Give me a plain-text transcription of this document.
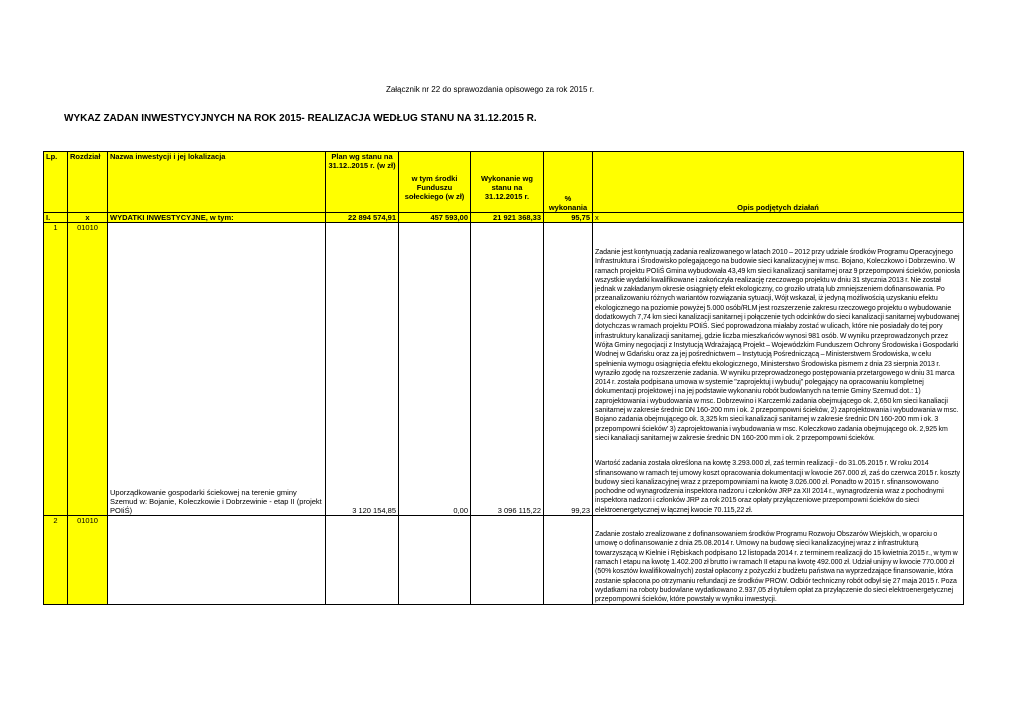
Załącznik nr 22 do sprawozdania opisowego za rok 2015 r.
WYKAZ ZADAN INWESTYCYJNYCH NA ROK 2015- REALIZACJA WEDŁUG STANU NA 31.12.2015 R.
Lp.	Rozdział	Nazwa inwestycji i jej lokalizacja	Plan wg stanu na 31.12..2015 r. (w zł)	w tym środki Funduszu sołeckiego (w zł)	Wykonanie wg stanu na 31.12.2015 r.	% wykonania	Opis podjętych działań
I.	x	WYDATKI INWESTYCYJNE, w tym:	22 894 574,91	457 593,00	21 921 368,33	95,75	x
1	01010	Uporządkowanie gospodarki ściekowej na terenie gminy Szemud w: Bojanie, Koleczkowie i Dobrzewinie - etap II (projekt POIiŚ)	3 120 154,85	0,00	3 096 115,22	99,23	Zadanie jest kontynuacją zadania realizowanego w latach 2010 – 2012 przy udziale środków Programu Operacyjnego Infrastruktura i Środowisko polegającego na budowie sieci kanalizacyjnej w msc. Bojano, Koleczkowo i Dobrzewino. W ramach projektu POIiŚ Gmina wybudowała 43,49 km sieci kanalizacji sanitarnej oraz 9 przepompowni ścieków, poniosła wszystkie wydatki kwalifikowane i zakończyła realizację rzeczowego projektu w dniu 31 stycznia 2013 r. Nie został jednak w zakładanym okresie osiągnięty efekt ekologiczny, co groziło utratą lub zmniejszeniem dofinansowania. Po przeanalizowaniu różnych wariantów rozwiązania sytuacji, Wójt wskazał, iż jedyną możliwością uzyskaniu efektu ekologicznego na poziomie powyżej 5.000 osób/RLM jest rozszerzenie zakresu rzeczowego projektu o wybudowanie dodatkowych 7,74 km sieci kanalizacji sanitarnej i połączenie tych odcinków do sieci kanalizacji sanitarnej wybudowanej dotychczas w ramach projektu POIiŚ. Sieć poprowadzona miałaby zostać w ulicach, które nie posiadały do tej pory infrastruktury kanalizacji sanitarnej, gdzie liczba mieszkańców wynosi 981 osób. W wyniku przeprowadzonych przez Wójta Gminy negocjacji z Instytucją Wdrażającą Projekt – Wojewódzkim Funduszem Ochrony Środowiska i Gospodarki Wodnej w Gdańsku oraz za jej pośrednictwem – Instytucją Pośredniczącą – Ministerstwem Środowiska, w celu spełnienia wymogu osiągnięcia efektu ekologicznego, Ministerstwo Środowiska pismem z dnia 23 sierpnia 2013 r. wyraziło zgodę na rozszerzenie zadania. W wyniku przeprowadzonego postępowania przetargowego w dniu 31 marca 2014 r. została podpisana umowa w systemie "zaprojektuj i wybuduj" polegający na opracowaniu kompletnej dokumentacji projektowej i na jej podstawie wykonaniu robót budowlanych na ternie Gminy Szemud dot.: 1) zaprojektowania i wybudowania w msc. Dobrzewino i Karczemki zadania obejmującego ok. 2,650 km sieci kanaliacji sanitarnej w zakresie średnic DN 160-200 mm i ok. 2 przepompowni ścieków, 2) zaprojektowania i wybudowania w msc. Bojano zadania obejmującego ok. 3,325 km sieci kanalizacji sanitarnej w zakresie średnic DN 160-200 mm i ok. 3 przepompowni ścieków' 3) zaprojektowania i wybudowania w msc. Koleczkowo zadania obejmującego ok. 2,925 km sieci kanaliacji sanitarnej w zakresie średnic DN 160-200 mm i ok. 2 przepompowni ścieków.
Wartość zadania została określona na kowtę 3.293.000 zł, zaś termin realizacji - do 31.05.2015 r. W roku 2014 sfinansowano w ramach tej umowy koszt opracowania dokumentacji w kwocie 267.000 zł, zaś do czerwca 2015 r. koszty budowy sieci kanalizacyjnej wraz z przepompowniami na kwotę 3.026.000 zł. Ponadto w 2015 r. sfinansowowano pochodne od wynagrodzenia inspektora nadzoru i członków JRP za XII 2014 r., wynagrodzenia wraz z pochodnymi inspektora nadzori i członków JRP za rok 2015 oraz opłaty przyłączeniowe przepompowni ścieków do sieci elektroenergetycznej w łącznej kwocie 70.115,22 zł.

2	01010						Zadanie zostało zrealizowane z dofinansowaniem środków Programu Rozwoju Obszarów Wiejskich, w oparciu o umowę o dofinansowanie z dnia 25.08.2014 r. Umowy na budowę sieci kanalizacyjnej wraz z infrastrukturą towarzyszącą w Kielnie i Rębiskach podpisano 12 listopada 2014 r. z terminem realizacji do 15 kwietnia 2015 r., w tym w ramach I etapu na kwotę 1.402.200 zł brutto i w ramach II etapu na kwotę 492.000 zł. Udział unijny w kwocie 770.000 zł (50% kosztów kwalifikowalnych) został opłacony z pożyczki z budżetu państwa na wyprzedzające finansowanie, która zostanie spłacona po otrzymaniu refundacji ze środków PROW. Odbiór techniczny robót odbył się 27 maja 2015 r. Poza wydatkami na roboty budowlane wydatkowano 2.937,05 zł tytułem opłat za przyłączenie do sieci elektroenergetycznej przepompowni ścieków, które powstały w wyniku inwestycji.
